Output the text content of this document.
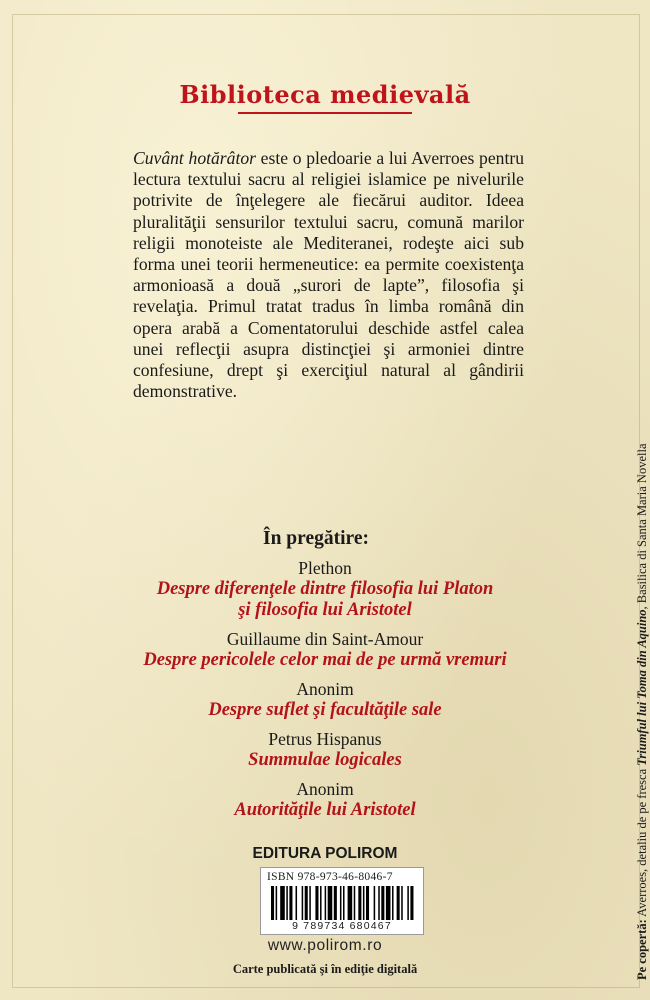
Biblioteca medievală
Cuvânt hotărâtor este o pledoarie a lui Averroes pentru lectura textului sacru al religiei islamice pe nivelurile potrivite de înţelegere ale fiecărui auditor. Ideea pluralităţii sensurilor textului sacru, comună marilor religii monoteiste ale Mediteranei, rodeşte aici sub forma unei teorii hermeneutice: ea permite coexistenţa armonioasă a două „surori de lapte”, filosofia şi revelaţia. Primul tratat tradus în limba română din opera arabă a Comentatorului deschide astfel calea unei reflecţii asupra distincţiei şi armoniei dintre confesiune, drept şi exerciţiul natural al gândirii demonstrative.
În pregătire:
Plethon
Despre diferenţele dintre filosofia lui Platon
şi filosofia lui Aristotel
Guillaume din Saint-Amour
Despre pericolele celor mai de pe urmă vremuri
Anonim
Despre suflet şi facultăţile sale
Petrus Hispanus
Summulae logicales
Anonim
Autorităţile lui Aristotel
EDITURA POLIROM
ISBN 978-973-46-8046-7
9 789734 680467
www.polirom.ro
Carte publicată şi în ediţie digitală	Pe copertă: Averroes, detaliu de pe fresca Triumful lui Toma din Aquino, Basilica di Santa Maria Novella
